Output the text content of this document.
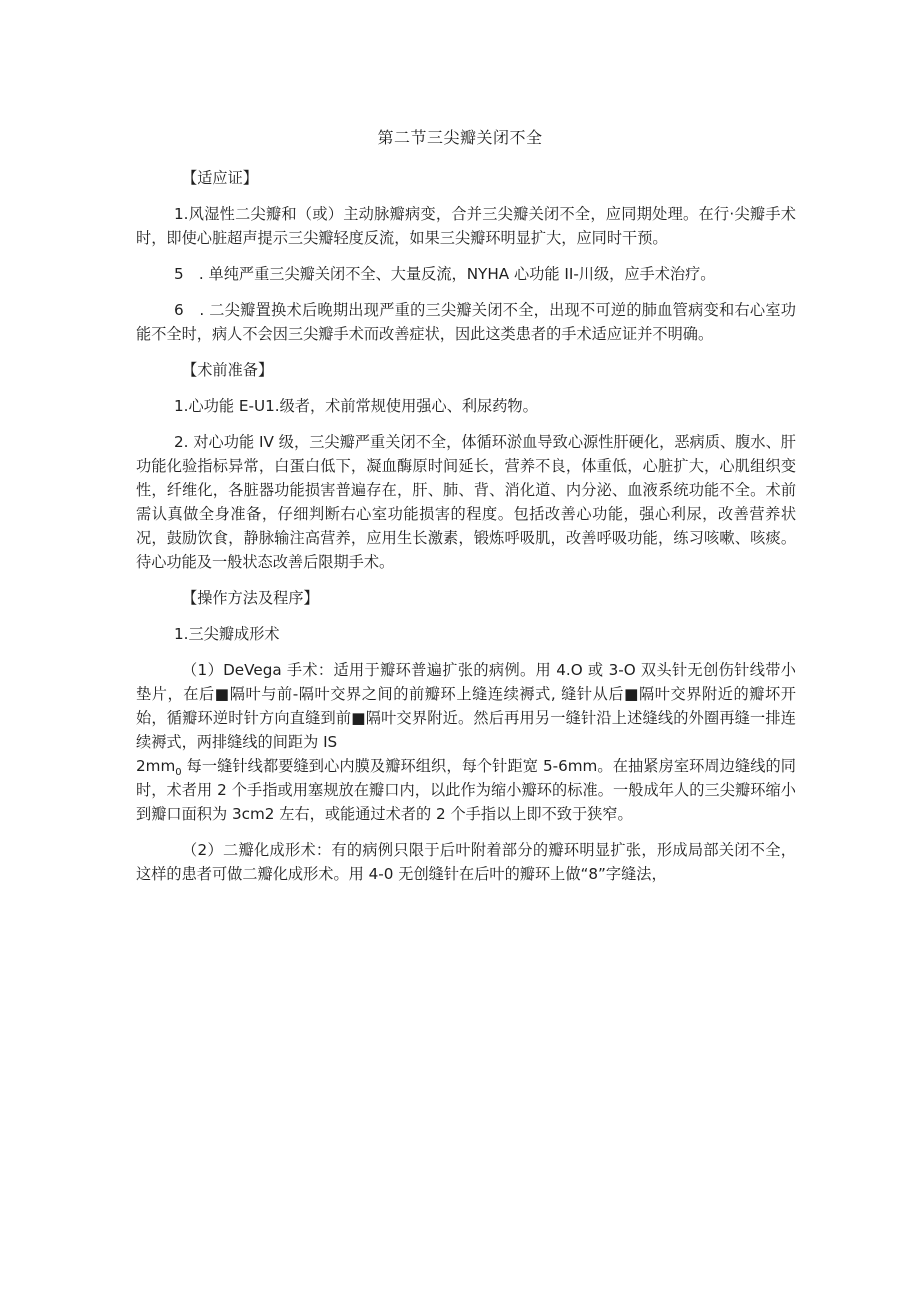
第二节三尖瓣关闭不全

【适应证】

1.风湿性二尖瓣和（或）主动脉瓣病变，合并三尖瓣关闭不全，应同期处理。在行·尖瓣手术时，即使心脏超声提示三尖瓣轻度反流，如果三尖瓣环明显扩大，应同时干预。

5　. 单纯严重三尖瓣关闭不全、大量反流，NYHA 心功能 II-川级，应手术治疗。

6　. 二尖瓣置换术后晚期出现严重的三尖瓣关闭不全，出现不可逆的肺血管病变和右心室功能不全时，病人不会因三尖瓣手术而改善症状，因此这类患者的手术适应证并不明确。

【术前准备】

1.心功能 E-U1.级者，术前常规使用强心、利尿药物。

2. 对心功能 IV 级，三尖瓣严重关闭不全，体循环淤血导致心源性肝硬化，恶病质、腹水、肝功能化验指标异常，白蛋白低下，凝血酶原时间延长，营养不良，体重低，心脏扩大，心肌组织变性，纤维化，各脏器功能损害普遍存在，肝、肺、背、消化道、内分泌、血液系统功能不全。术前需认真做全身准备，仔细判断右心室功能损害的程度。包括改善心功能，强心利尿，改善营养状况，鼓励饮食，静脉输注高营养，应用生长激素，锻炼呼吸肌，改善呼吸功能，练习咳嗽、咳痰。待心功能及一般状态改善后限期手术。

【操作方法及程序】

1.三尖瓣成形术

（1）DeVega 手术：适用于瓣环普遍扩张的病例。用 4.O 或 3-O 双头针无创伤针线带小垫片，在后■隔叶与前-隔叶交界之间的前瓣环上缝连续褥式, 缝针从后■隔叶交界附近的瓣坏开始，循瓣环逆时针方向直缝到前■隔叶交界附近。然后再用另一缝针沿上述缝线的外圈再缝一排连续褥式，两排缝线的间距为 IS

$2mm_0$ 每一缝针线都要缝到心内膜及瓣环组织，每个针距宽 5-6mm。在抽紧房室环周边缝线的同时，术者用 2 个手指或用塞规放在瓣口内，以此作为缩小瓣环的标准。一般成年人的三尖瓣环缩小到瓣口面积为 3cm2 左右，或能通过术者的 2 个手指以上即不致于狭窄。

（2）二瓣化成形术：有的病例只限于后叶附着部分的瓣环明显扩张，形成局部关闭不全，这样的患者可做二瓣化成形术。用 4-0 无创缝针在后叶的瓣环上做“8”字缝法，
